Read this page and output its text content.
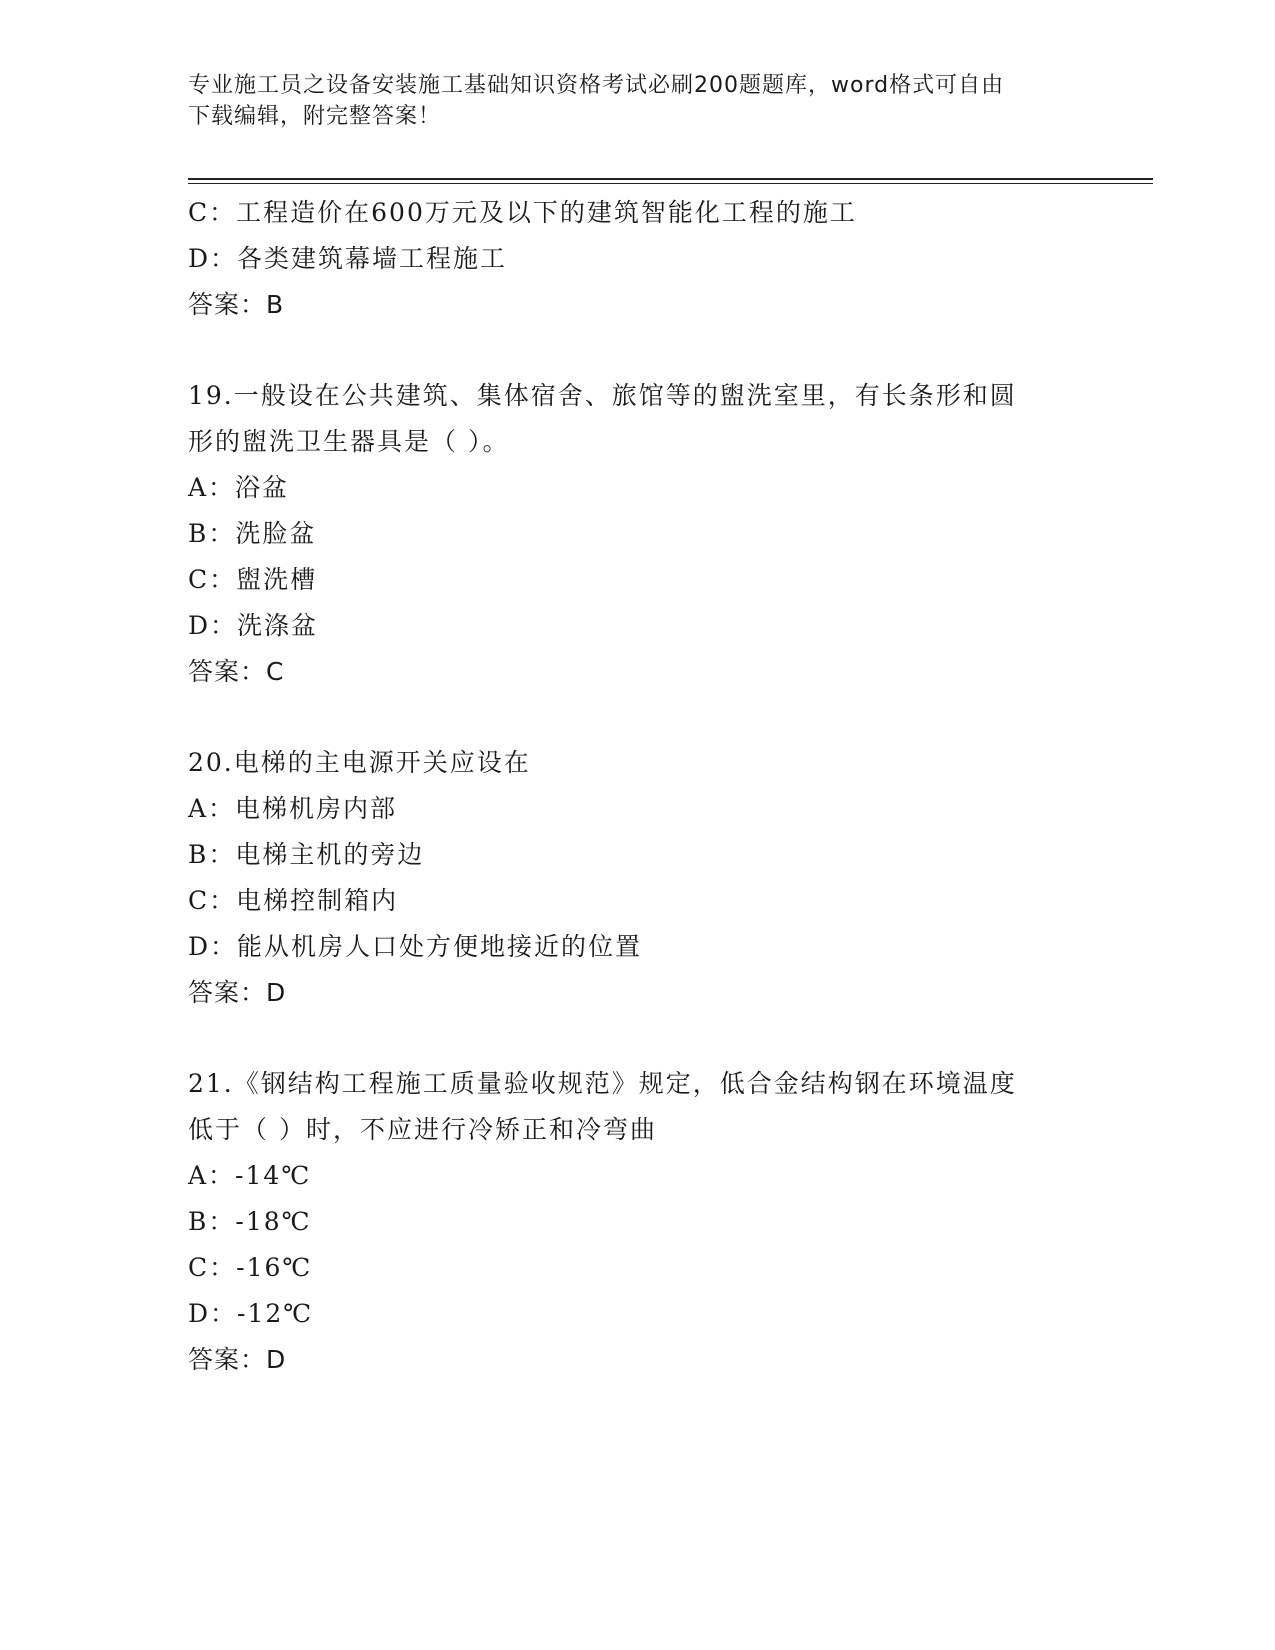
专业施工员之设备安装施工基础知识资格考试必刷200题题库，word格式可自由
下载编辑，附完整答案！
C：工程造价在600万元及以下的建筑智能化工程的施工
D：各类建筑幕墙工程施工
答案：B
19.一般设在公共建筑、集体宿舍、旅馆等的盥洗室里，有长条形和圆
形的盥洗卫生器具是（ ）。
A：浴盆
B：洗脸盆
C：盥洗槽
D：洗涤盆
答案：C
20.电梯的主电源开关应设在
A：电梯机房内部
B：电梯主机的旁边
C：电梯控制箱内
D：能从机房人口处方便地接近的位置
答案：D
21.《钢结构工程施工质量验收规范》规定，低合金结构钢在环境温度
低于（ ）时，不应进行冷矫正和冷弯曲
A：-14℃
B：-18℃
C：-16℃
D：-12℃
答案：D
